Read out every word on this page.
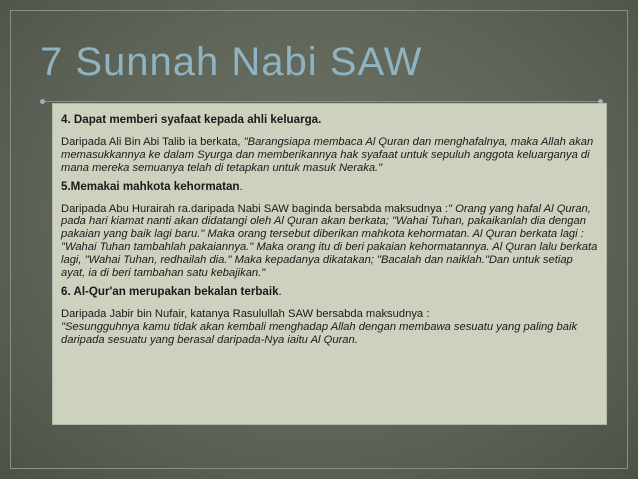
7 Sunnah Nabi SAW

4. Dapat memberi syafaat kepada ahli keluarga.

Daripada Ali Bin Abi Talib ia berkata, "Barangsiapa membaca Al Quran dan menghafalnya, maka Allah akan memasukkannya ke dalam Syurga dan memberikannya hak syafaat untuk sepuluh anggota keluarganya di mana mereka semuanya telah di tetapkan untuk masuk Neraka."

5.Memakai mahkota kehormatan.

Daripada Abu Hurairah ra.daripada Nabi SAW baginda bersabda maksudnya :" Orang yang hafal Al Quran, pada hari kiamat nanti akan didatangi oleh Al Quran akan berkata; "Wahai Tuhan, pakaikanlah dia dengan pakaian yang baik lagi baru." Maka orang tersebut diberikan mahkota kehormatan. Al Quran berkata lagi : "Wahai Tuhan tambahlah pakaiannya." Maka orang itu di beri pakaian kehormatannya. Al Quran lalu berkata lagi, "Wahai Tuhan, redhailah dia." Maka kepadanya dikatakan; "Bacalah dan naiklah."Dan untuk setiap ayat, ia di beri tambahan satu kebajikan."

6. Al-Qur'an merupakan bekalan terbaik.

Daripada Jabir bin Nufair, katanya Rasulullah SAW bersabda maksudnya :

"Sesungguhnya kamu tidak akan kembali menghadap Allah dengan membawa sesuatu yang paling baik daripada sesuatu yang berasal daripada-Nya iaitu Al Quran.
